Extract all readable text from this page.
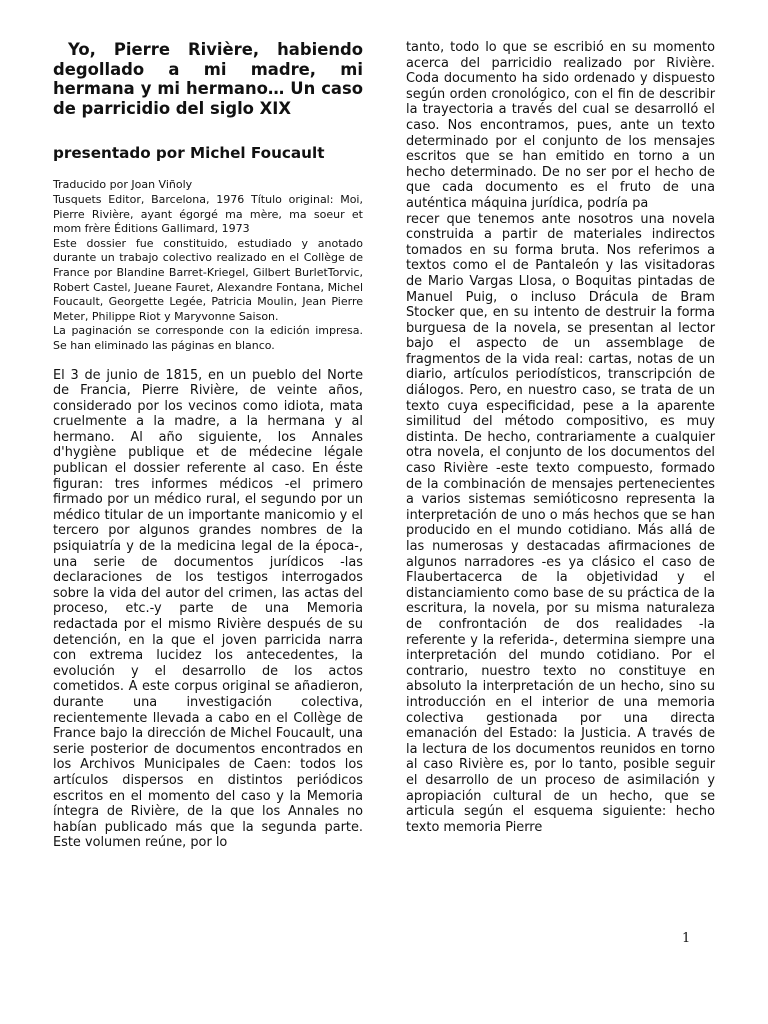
Yo, Pierre Rivière, habiendo degollado a mi madre, mi hermana y mi hermano… Un caso de parricidio del siglo XIX
presentado por Michel Foucault
Traducido por Joan Viñoly
Tusquets Editor, Barcelona, 1976 Título original: Moi, Pierre Rivière, ayant égorgé ma mère, ma soeur et mom frère Éditions Gallimard, 1973
Este dossier fue constituido, estudiado y anotado durante un trabajo colectivo realizado en el Collège de France por Blandine Barret-Kriegel, Gilbert BurletTorvic, Robert Castel, Jueane Fauret, Alexandre Fontana, Michel Foucault, Georgette Legée, Patricia Moulin, Jean Pierre Meter, Philippe Riot y Maryvonne Saison.
La paginación se corresponde con la edición impresa. Se han eliminado las páginas en blanco.

El 3 de junio de 1815, en un pueblo del Norte de Francia, Pierre Rivière, de veinte años, considerado por los vecinos como idiota, mata cruelmente a la madre, a la hermana y al hermano. Al año siguiente, los Annales d'hygiène publique et de médecine légale publican el dossier referente al caso. En éste figuran: tres informes médicos -el primero firmado por un médico rural, el segundo por un médico titular de un importante manicomio y el tercero por algunos grandes nombres de la psiquiatría y de la medicina legal de la época-, una serie de documentos jurídicos -las declaraciones de los testigos interrogados sobre la vida del autor del crimen, las actas del proceso, etc.-y parte de una Memoria redactada por el mismo Rivière después de su detención, en la que el joven parricida narra con extrema lucidez los antecedentes, la evolución y el desarrollo de los actos cometidos. A este corpus original se añadieron, durante una investigación colectiva, recientemente llevada a cabo en el Collège de France bajo la dirección de Michel Foucault, una serie posterior de documentos encontrados en los Archivos Municipales de Caen: todos los artículos dispersos en distintos periódicos escritos en el momento del caso y la Memoria íntegra de Rivière, de la que los Annales no habían publicado más que la segunda parte. Este volumen reúne, por lo

tanto, todo lo que se escribió en su momento acerca del parricidio realizado por Rivière. Coda documento ha sido ordenado y dispuesto según orden cronológico, con el fin de describir la trayectoria a través del cual se desarrolló el caso. Nos encontramos, pues, ante un texto determinado por el conjunto de los mensajes escritos que se han emitido en torno a un hecho determinado. De no ser por el hecho de que cada documento es el fruto de una auténtica máquina jurídica, podría pa

recer que tenemos ante nosotros una novela construida a partir de materiales indirectos tomados en su forma bruta. Nos referimos a textos como el de Pantaleón y las visitadoras de Mario Vargas Llosa, o Boquitas pintadas de Manuel Puig, o incluso Drácula de Bram Stocker que, en su intento de destruir la forma burguesa de la novela, se presentan al lector bajo el aspecto de un assemblage de fragmentos de la vida real: cartas, notas de un diario, artículos periodísticos, transcripción de diálogos. Pero, en nuestro caso, se trata de un texto cuya especificidad, pese a la aparente similitud del método compositivo, es muy distinta. De hecho, contrariamente a cualquier otra novela, el conjunto de los documentos del caso Rivière -este texto compuesto, formado de la combinación de mensajes pertenecientes a varios sistemas semióticosno representa la interpretación de uno o más hechos que se han producido en el mundo cotidiano. Más allá de las numerosas y destacadas afirmaciones de algunos narradores -es ya clásico el caso de Flaubertacerca de la objetividad y el distanciamiento como base de su práctica de la escritura, la novela, por su misma naturaleza de confrontación de dos realidades -la referente y la referida-, determina siempre una interpretación del mundo cotidiano. Por el contrario, nuestro texto no constituye en absoluto la interpretación de un hecho, sino su introducción en el interior de una memoria colectiva gestionada por una directa emanación del Estado: la Justicia. A través de la lectura de los documentos reunidos en torno al caso Rivière es, por lo tanto, posible seguir el desarrollo de un proceso de asimilación y apropiación cultural de un hecho, que se articula según el esquema siguiente: hecho texto memoria Pierre

1
